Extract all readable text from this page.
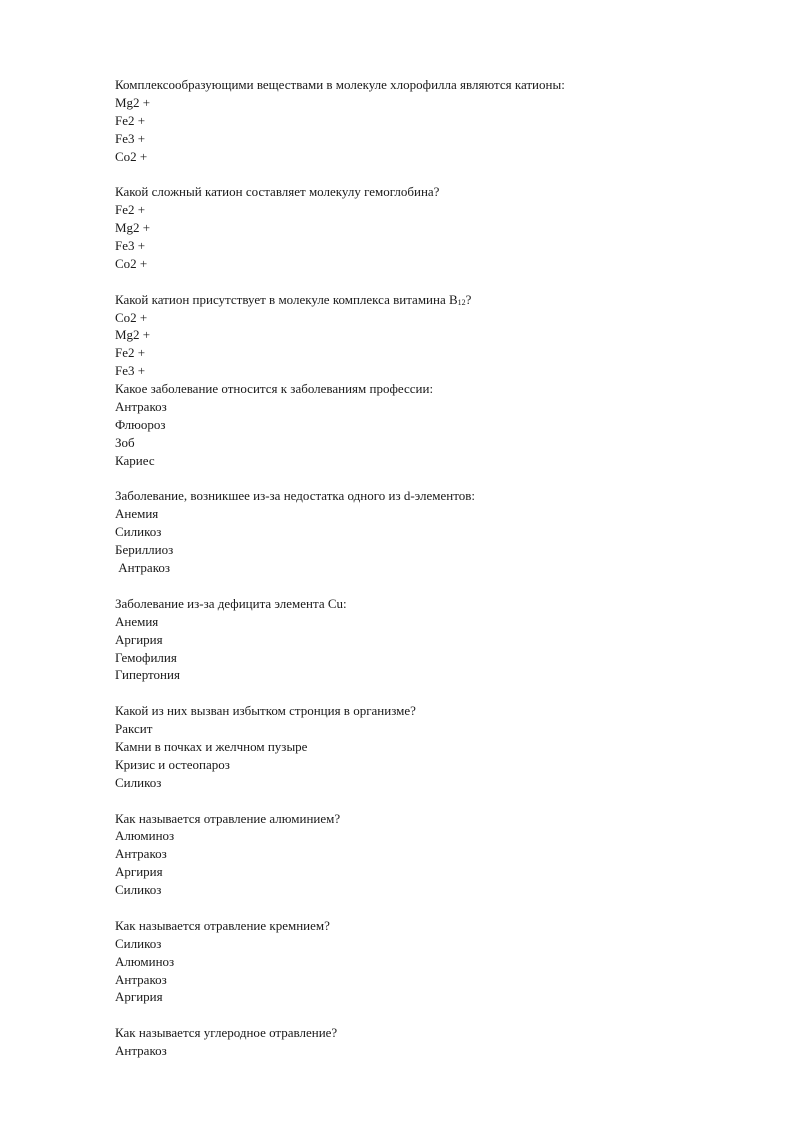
Комплексообразующими веществами в молекуле хлорофилла являются катионы:
Mg2 +
Fe2 +
Fe3 +
Co2 +
Какой сложный катион составляет молекулу гемоглобина?
Fe2 +
Mg2 +
Fe3 +
Co2 +
Какой катион присутствует в молекуле комплекса витамина $B_{12}$?
Co2 +
Mg2 +
Fe2 +
Fe3 +
Какое заболевание относится к заболеваниям профессии:
Антракоз
Флюороз
Зоб
Кариес
Заболевание, возникшее из-за недостатка одного из d-элементов:
Анемия
Силикоз
Бериллиоз
Антракоз
Заболевание из-за дефицита элемента Cu:
Анемия
Аргирия
Гемофилия
Гипертония
Какой из них вызван избытком стронция в организме?
Раксит
Камни в почках и желчном пузыре
Кризис и остеопароз
Силикоз
Как называется отравление алюминием?
Алюминоз
Антракоз
Аргирия
Силикоз
Как называется отравление кремнием?
Силикоз
Алюминоз
Антракоз
Аргирия
Как называется углеродное отравление?
Антракоз
